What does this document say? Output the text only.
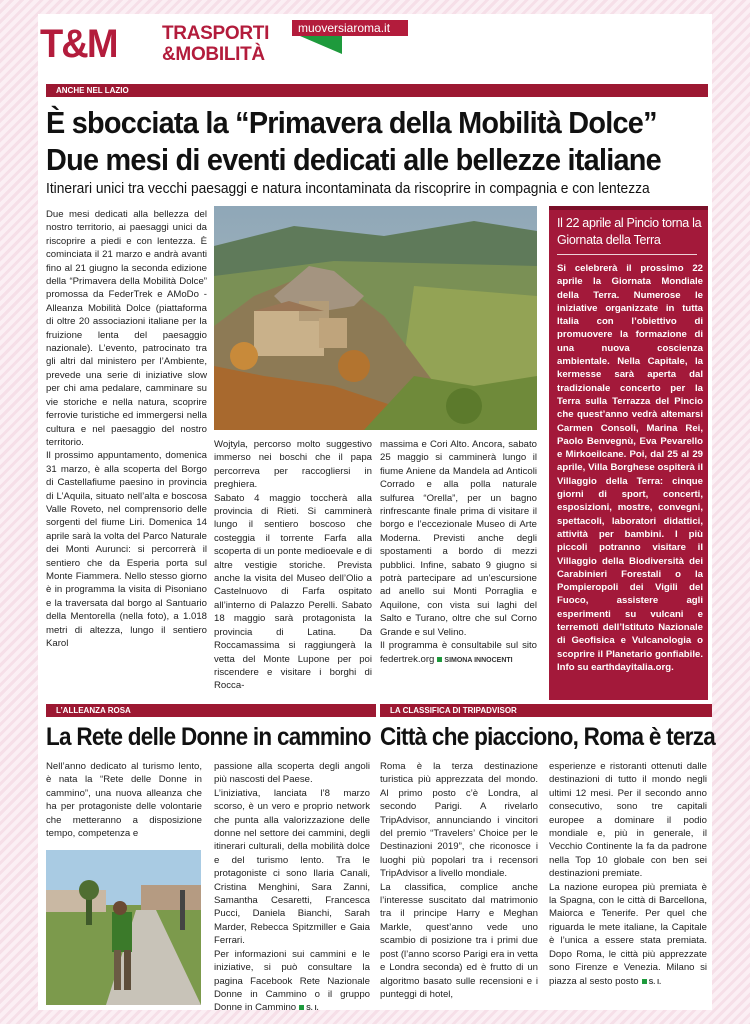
T&M TRASPORTI
&MOBILITÀ
muoversiaroma.it
ANCHE NEL LAZIO
È sbocciata la “Primavera della Mobilità Dolce”
Due mesi di eventi dedicati alle bellezze italiane
Itinerari unici tra vecchi paesaggi e natura incontaminata da riscoprire in compagnia e con lentezza

Due mesi dedicati alla bellezza del nostro territorio, ai paesaggi unici da riscoprire a piedi e con lentezza. È cominciata il 21 marzo e andrà avanti fino al 21 giugno la seconda edizione della “Primavera della Mobilità Dolce” promossa da FederTrek e AMoDo - Alleanza Mobilità Dolce (piattaforma di oltre 20 associazioni italiane per la fruizione lenta del paesaggio nazionale). L’evento, patrocinato tra gli altri dal ministero per l’Ambiente, prevede una serie di iniziative slow per chi ama pedalare, camminare su vie storiche e nella natura, scoprire ferrovie turistiche ed immergersi nella cultura e nel paesaggio del nostro territorio.

Il prossimo appuntamento, domenica 31 marzo, è alla scoperta del Borgo di Castellafiume paesino in provincia di L’Aquila, situato nell’alta e boscosa Valle Roveto, nel comprensorio delle sorgenti del fiume Liri. Domenica 14 aprile sarà la volta del Parco Naturale dei Monti Aurunci: si percorrerà il sentiero che da Esperia porta sul Monte Fiammera. Nello stesso giorno è in programma la visita di Pisoniano e la traversata dal borgo al Santuario della Mentorella (nella foto), a 1.018 metri di altezza, lungo il sentiero Karol

Wojtyla, percorso molto suggestivo immerso nei boschi che il papa percorreva per raccogliersi in preghiera.

Sabato 4 maggio toccherà alla provincia di Rieti. Si camminerà lungo il sentiero boscoso che costeggia il torrente Farfa alla scoperta di un ponte medioevale e di altre vestigie storiche. Prevista anche la visita del Museo dell’Olio a Castelnuovo di Farfa ospitato all’interno di Palazzo Perelli. Sabato 18 maggio sarà protagonista la provincia di Latina. Da Roccamassima si raggiungerà la vetta del Monte Lupone per poi riscendere e visitare i borghi di Rocca-

massima e Cori Alto. Ancora, sabato 25 maggio si camminerà lungo il fiume Aniene da Mandela ad Anticoli Corrado e alla polla naturale sulfurea “Orella”, per un bagno rinfrescante finale prima di visitare il borgo e l’eccezionale Museo di Arte Moderna. Previsti anche degli spostamenti a bordo di mezzi pubblici. Infine, sabato 9 giugno si potrà partecipare ad un’escursione ad anello sui Monti Porraglia e Aquilone, con vista sui laghi del Salto e Turano, oltre che sul Corno Grande e sul Velino.

Il programma è consultabile sul sito federtrek.org SIMONA INNOCENTI

Il 22 aprile al Pincio torna la Giornata della Terra
Si celebrerà il prossimo 22 aprile la Giornata Mondiale della Terra. Numerose le iniziative organizzate in tutta Italia con l’obiettivo di promuovere la formazione di una nuova coscienza ambientale. Nella Capitale, la kermesse sarà aperta dal tradizionale concerto per la Terra sulla Terrazza del Pincio che quest’anno vedrà altemarsi Carmen Consoli, Marina Rei, Paolo Benvegnù, Eva Pevarello e Mirkoeilcane. Poi, dal 25 al 29 aprile, Villa Borghese ospiterà il Villaggio della Terra: cinque giorni di sport, concerti, esposizioni, mostre, convegni, spettacoli, laboratori didattici, attività per bambini. I più piccoli potranno visitare il Villaggio della Biodiversità dei Carabinieri Forestali o la Pompieropoli dei Vigili del Fuoco, assistere agli esperimenti su vulcani e terremoti dell’Istituto Nazionale di Geofisica e Vulcanologia o scoprire il Planetario gonfiabile. Info su earthdayitalia.org.
L’ALLEANZA ROSA
La Rete delle Donne in cammino

Nell’anno dedicato al turismo lento, è nata la “Rete delle Donne in cammino”, una nuova alleanza che ha per protagoniste delle volontarie che metteranno a disposizione tempo, competenza e

passione alla scoperta degli angoli più nascosti del Paese.

L’iniziativa, lanciata l’8 marzo scorso, è un vero e proprio network che punta alla valorizzazione delle donne nel settore dei cammini, degli itinerari culturali, della mobilità dolce e del turismo lento. Tra le protagoniste ci sono Ilaria Canali, Cristina Menghini, Sara Zanni, Samantha Cesaretti, Francesca Pucci, Daniela Bianchi, Sarah Marder, Rebecca Spitzmiller e Gaia Ferrari.

Per informazioni sui cammini e le iniziative, si può consultare la pagina Facebook Rete Nazionale Donne in Cammino o il gruppo Donne in Cammino S. I.

LA CLASSIFICA DI TRIPADVISOR
Città che piacciono, Roma è terza

Roma è la terza destinazione turistica più apprezzata del mondo. Al primo posto c’è Londra, al secondo Parigi. A rivelarlo TripAdvisor, annunciando i vincitori del premio “Travelers’ Choice per le Destinazioni 2019”, che riconosce i luoghi più popolari tra i recensori TripAdvisor a livello mondiale.

La classifica, complice anche l’interesse suscitato dal matrimonio tra il principe Harry e Meghan Markle, quest’anno vede uno scambio di posizione tra i primi due post (l’anno scorso Parigi era in vetta e Londra seconda) ed è frutto di un algoritmo basato sulle recensioni e i punteggi di hotel,

esperienze e ristoranti ottenuti dalle destinazioni di tutto il mondo negli ultimi 12 mesi. Per il secondo anno consecutivo, sono tre capitali europee a dominare il podio mondiale e, più in generale, il Vecchio Continente la fa da padrone nella Top 10 globale con ben sei destinazioni premiate.

La nazione europea più premiata è la Spagna, con le città di Barcellona, Maiorca e Tenerife. Per quel che riguarda le mete italiane, la Capitale è l’unica a essere stata premiata. Dopo Roma, le città più apprezzate sono Firenze e Venezia. Milano si piazza al sesto posto S. I.
